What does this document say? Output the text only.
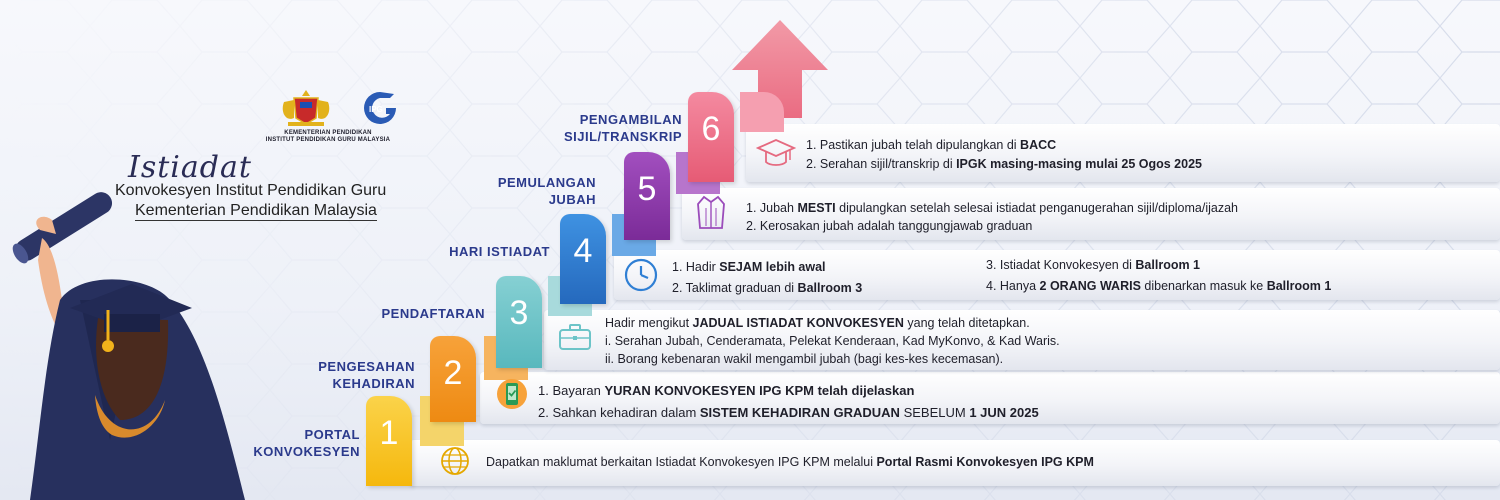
IPG
KEMENTERIAN PENDIDIKAN
INSTITUT PENDIDIKAN GURU MALAYSIA
Istiadat
Konvokesyen Institut Pendidikan Guru
Kementerian Pendidikan Malaysia
1
PORTAL
KONVOKESYEN
Dapatkan maklumat berkaitan Istiadat Konvokesyen IPG KPM melalui Portal Rasmi Konvokesyen IPG KPM
2
PENGESAHAN
KEHADIRAN	1. Bayaran YURAN KONVOKESYEN IPG KPM telah dijelaskan
2. Sahkan kehadiran dalam SISTEM KEHADIRAN GRADUAN SEBELUM 1 JUN 2025
3
PENDAFTARAN
Hadir mengikut JADUAL ISTIADAT KONVOKESYEN yang telah ditetapkan.
i. Serahan Jubah, Cenderamata, Pelekat Kenderaan, Kad MyKonvo, & Kad Waris.
ii. Borang kebenaran wakil mengambil jubah (bagi kes-kes kecemasan).
4
HARI ISTIADAT
1. Hadir SEJAM lebih awal
2. Taklimat graduan di Ballroom 3
3. Istiadat Konvokesyen di Ballroom 1
4. Hanya 2 ORANG WARIS dibenarkan masuk ke Ballroom 1
5
PEMULANGAN
JUBAH
1. Jubah MESTI dipulangkan setelah selesai istiadat penganugerahan sijil/diploma/ijazah
2. Kerosakan jubah adalah tanggungjawab graduan
6
PENGAMBILAN
SIJIL/TRANSKRIP
1. Pastikan jubah telah dipulangkan di BACC
2. Serahan sijil/transkrip di IPGK masing-masing mulai 25 Ogos 2025
